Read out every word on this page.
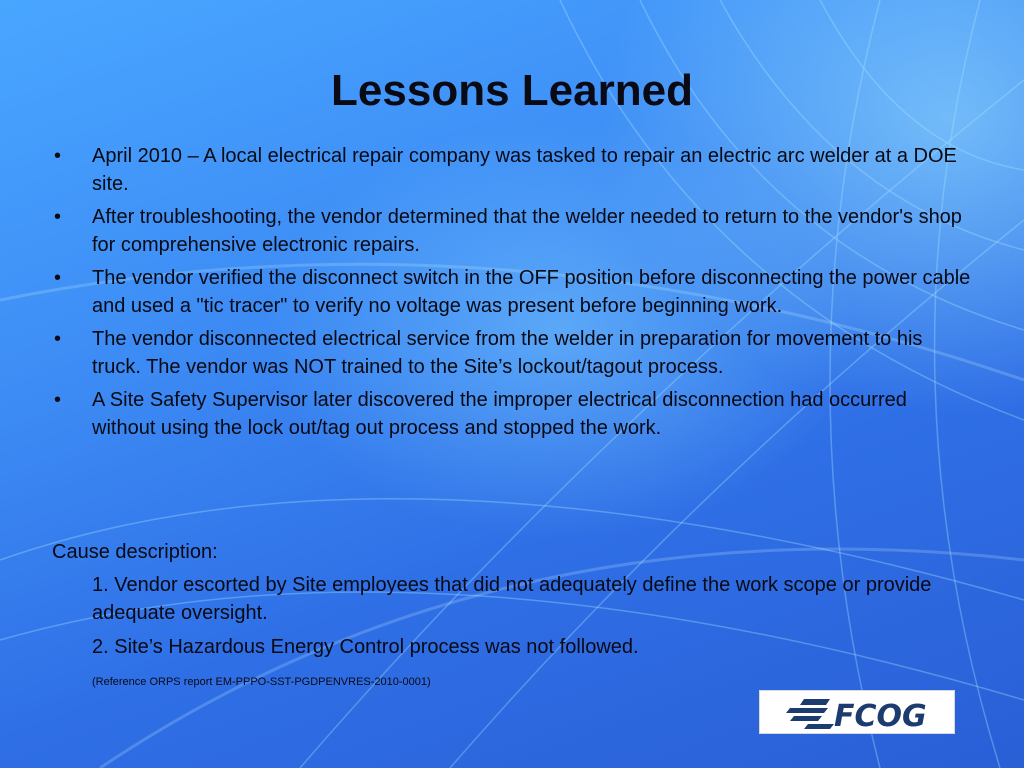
Lessons Learned
• April 2010 – A local electrical repair company was tasked to repair an electric arc welder at a DOE site.
• After troubleshooting, the vendor determined that the welder needed to return to the vendor's shop for comprehensive electronic repairs.
• The vendor verified the disconnect switch in the OFF position before disconnecting the power cable and used a "tic tracer" to verify no voltage was present before beginning work.
• The vendor disconnected electrical service from the welder in preparation for movement to his truck. The vendor was NOT trained to the Site’s lockout/tagout process.
• A Site Safety Supervisor later discovered the improper electrical disconnection had occurred without using the lock out/tag out process and stopped the work.
Cause description:
1. Vendor escorted by Site employees that did not adequately define the work scope or provide adequate oversight.
2. Site’s Hazardous Energy Control process was not followed.
(Reference ORPS report EM-PPPO-SST-PGDPENVRES-2010-0001)
FCOG
